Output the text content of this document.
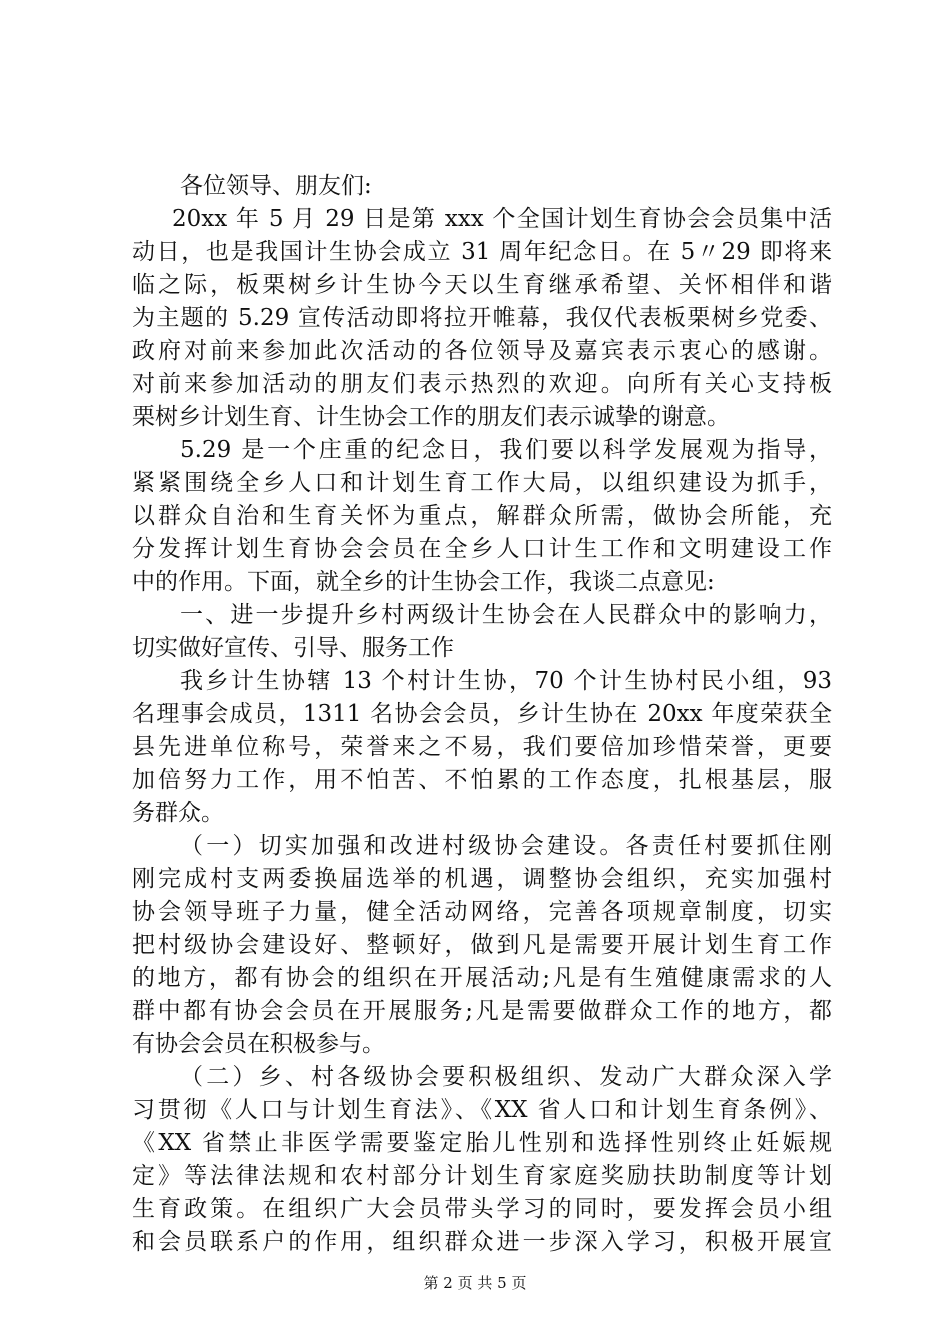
各位领导、朋友们:
20xx 年 5 月 29 日是第 xxx 个全国计划生育协会会员集中活
动日，也是我国计生协会成立 31 周年纪念日。在 5〃29 即将来
临之际，板栗树乡计生协今天以生育继承希望、关怀相伴和谐
为主题的 5.29 宣传活动即将拉开帷幕，我仅代表板栗树乡党委、
政府对前来参加此次活动的各位领导及嘉宾表示衷心的感谢。
对前来参加活动的朋友们表示热烈的欢迎。向所有关心支持板
栗树乡计划生育、计生协会工作的朋友们表示诚挚的谢意。
5.29 是一个庄重的纪念日，我们要以科学发展观为指导，
紧紧围绕全乡人口和计划生育工作大局，以组织建设为抓手，
以群众自治和生育关怀为重点，解群众所需，做协会所能，充
分发挥计划生育协会会员在全乡人口计生工作和文明建设工作
中的作用。下面，就全乡的计生协会工作，我谈二点意见:
一、进一步提升乡村两级计生协会在人民群众中的影响力，
切实做好宣传、引导、服务工作
我乡计生协辖 13 个村计生协，70 个计生协村民小组，93
名理事会成员，1311 名协会会员，乡计生协在 20xx 年度荣获全
县先进单位称号，荣誉来之不易，我们要倍加珍惜荣誉，更要
加倍努力工作，用不怕苦、不怕累的工作态度，扎根基层，服
务群众。
（一）切实加强和改进村级协会建设。各责任村要抓住刚
刚完成村支两委换届选举的机遇，调整协会组织，充实加强村
协会领导班子力量，健全活动网络，完善各项规章制度，切实
把村级协会建设好、整顿好，做到凡是需要开展计划生育工作
的地方，都有协会的组织在开展活动;凡是有生殖健康需求的人
群中都有协会会员在开展服务;凡是需要做群众工作的地方，都
有协会会员在积极参与。
（二）乡、村各级协会要积极组织、发动广大群众深入学
习贯彻《人口与计划生育法》、《XX 省人口和计划生育条例》、
《XX 省禁止非医学需要鉴定胎儿性别和选择性别终止妊娠规
定》等法律法规和农村部分计划生育家庭奖励扶助制度等计划
生育政策。在组织广大会员带头学习的同时，要发挥会员小组
和会员联系户的作用，组织群众进一步深入学习，积极开展宣
第 2 页 共 5 页
